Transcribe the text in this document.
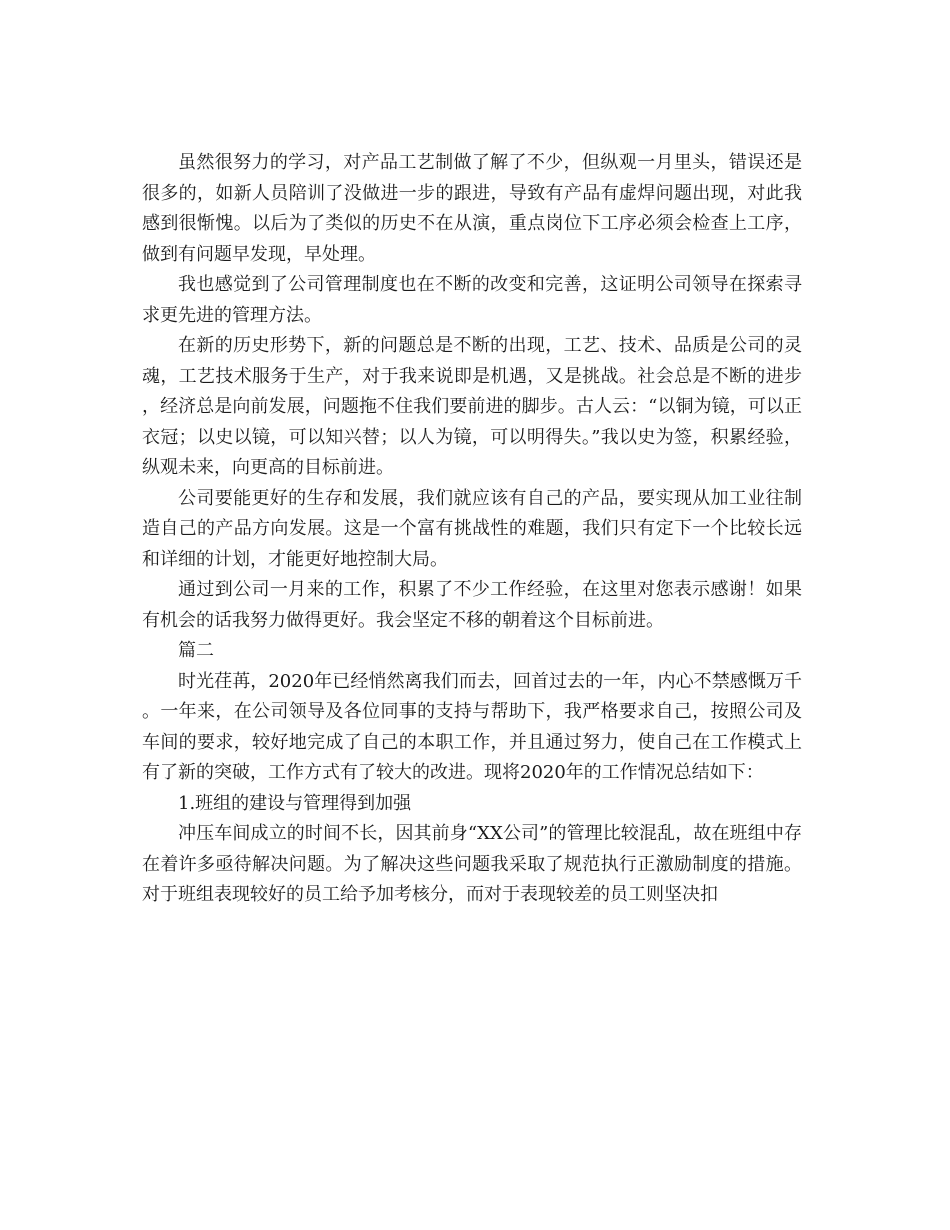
虽然很努力的学习，对产品工艺制做了解了不少，但纵观一月里头，错误还是很多的，如新人员陪训了没做进一步的跟进，导致有产品有虚焊问题出现，对此我感到很惭愧。以后为了类似的历史不在从演，重点岗位下工序必须会检查上工序，做到有问题早发现，早处理。

我也感觉到了公司管理制度也在不断的改变和完善，这证明公司领导在探索寻求更先进的管理方法。

在新的历史形势下，新的问题总是不断的出现，工艺、技术、品质是公司的灵魂，工艺技术服务于生产，对于我来说即是机遇，又是挑战。社会总是不断的进步，经济总是向前发展，问题拖不住我们要前进的脚步。古人云：“以铜为镜，可以正衣冠；以史以镜，可以知兴替；以人为镜，可以明得失。”我以史为签，积累经验，纵观未来，向更高的目标前进。

公司要能更好的生存和发展，我们就应该有自己的产品，要实现从加工业往制造自己的产品方向发展。这是一个富有挑战性的难题，我们只有定下一个比较长远和详细的计划，才能更好地控制大局。

通过到公司一月来的工作，积累了不少工作经验，在这里对您表示感谢！如果有机会的话我努力做得更好。我会坚定不移的朝着这个目标前进。

篇二

时光荏苒，2020年已经悄然离我们而去，回首过去的一年，内心不禁感慨万千。一年来，在公司领导及各位同事的支持与帮助下，我严格要求自己，按照公司及车间的要求，较好地完成了自己的本职工作，并且通过努力，使自己在工作模式上有了新的突破，工作方式有了较大的改进。现将2020年的工作情况总结如下：

1.班组的建设与管理得到加强

冲压车间成立的时间不长，因其前身“XX公司”的管理比较混乱，故在班组中存在着许多亟待解决问题。为了解决这些问题我采取了规范执行正激励制度的措施。对于班组表现较好的员工给予加考核分，而对于表现较差的员工则坚决扣
